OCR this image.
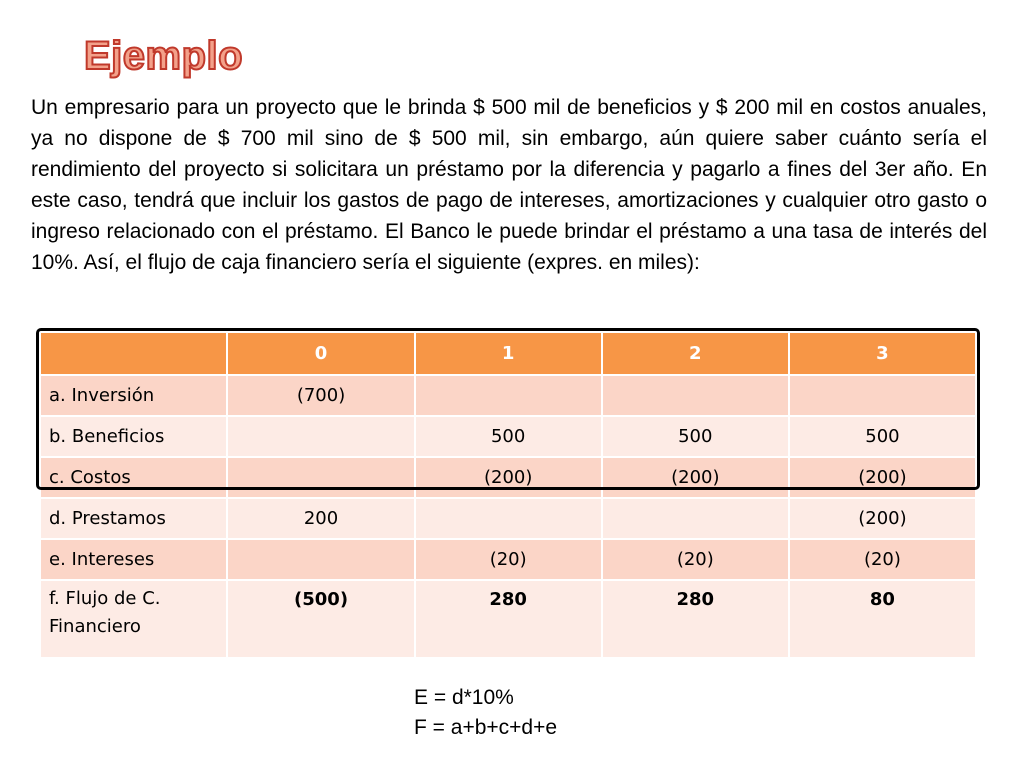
Ejemplo

Un empresario para un proyecto que le brinda $ 500 mil de beneficios y $ 200 mil en costos anuales, ya no dispone de $ 700 mil sino de $ 500 mil, sin embargo, aún quiere saber cuánto sería el rendimiento del proyecto si solicitara un préstamo por la diferencia y pagarlo a fines del 3er año. En este caso, tendrá que incluir los gastos de pago de intereses, amortizaciones y cualquier otro gasto o ingreso relacionado con el préstamo. El Banco le puede brindar el préstamo a una tasa de interés del 10%. Así, el flujo de caja financiero sería el siguiente (expres. en miles):

	0	1	2	3
a. Inversión	(700)			
b. Beneficios		500	500	500
c. Costos		(200)	(200)	(200)
d. Prestamos	200			(200)
e. Intereses		(20)	(20)	(20)
f. Flujo de C. Financiero	(500)	280	280	80
E = d*10%
F = a+b+c+d+e
